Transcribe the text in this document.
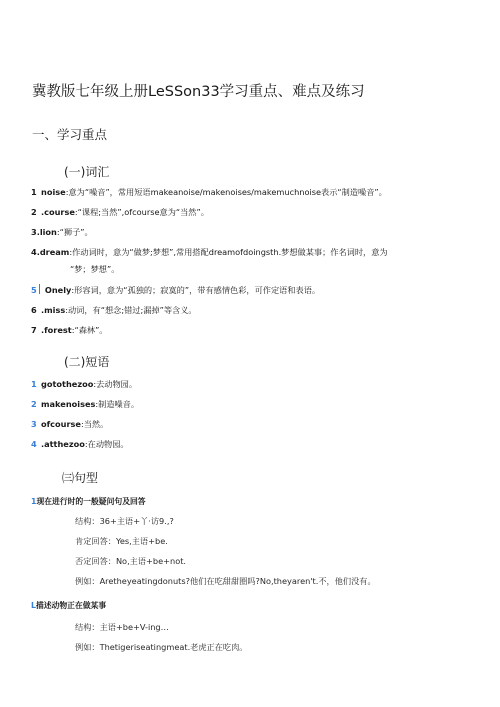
冀教版七年级上册LeSSon33学习重点、难点及练习
一、学习重点
(一)词汇
1 noise:意为“噪音”，常用短语makeanoise/makenoises/makemuchnoise表示“制造噪音”。
2 .course:“课程;当然”,ofcourse意为“当然”。
3.lion:“狮子”。
4.dream:作动词时，意为“做梦;梦想”,常用搭配dreamofdoingsth.梦想做某事；作名词时，意为
“梦；梦想”。
5 Onely:形容词，意为“孤独的；寂寞的”，带有感情色彩，可作定语和表语。
6 .miss:动词，有“想念;错过;漏掉”等含义。
7 .forest:“森林”。
(二)短语
1 gotothezoo:去动物园。
2 makenoises:制造噪音。
3 ofcourse:当然。
4 .atthezoo:在动物园。
㈢句型
1现在进行时的一般疑问句及回答
结构：36+主语+丫·访9.,?
肯定回答：Yes,主语+be.
否定回答：No,主语+be+not.
例如：Aretheyeatingdonuts?他们在吃甜甜圈吗?No,theyaren't.不，他们没有。
L描述动物正在做某事
结构：主语+be+V-ing…
例如：Thetigeriseatingmeat.老虎正在吃肉。
